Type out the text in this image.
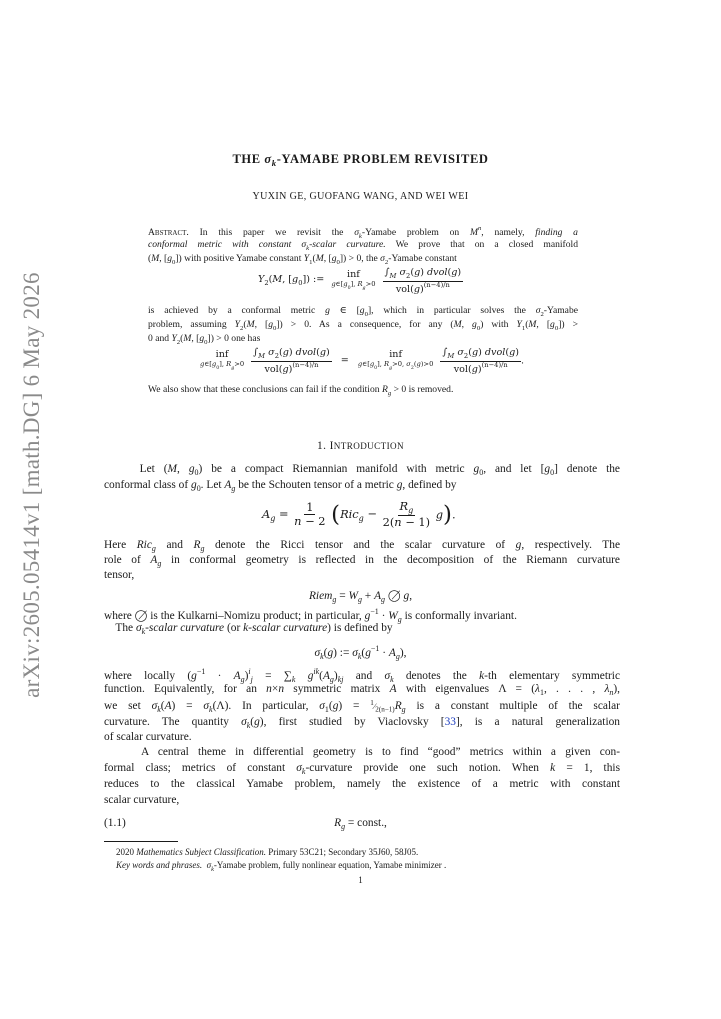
arXiv:2605.05414v1 [math.DG] 6 May 2026
THE $\sigma_k$-YAMABE PROBLEM REVISITED
YUXIN GE, GUOFANG WANG, AND WEI WEI
Abstract. In this paper we revisit the $\sigma_k$-Yamabe problem on $M^n$, namely, finding a
conformal metric with constant $\sigma_k$-scalar curvature. We prove that on a closed manifold
(M, $[g_0]$) with positive Yamabe constant $Y_1(M$, $[g_0]) > 0$, the $\sigma_2$-Yamabe constant
$Y_2(M$, $[g_0]$) := inf
$g\in[g_0]$, $R_g>0$
$\frac{\int_M \sigma_2(g) dvol(g)}{vol(g)^{(n-4)/n}}$
is achieved by a conformal metric g ∈ $[g_0]$, which in particular solves the $\sigma_2$-Yamabe
problem, assuming $Y_2(M$, $[g_0]) > 0$. As a consequence, for any (M, $g_0$) with $Y_1(M$, $[g_0]$) >
0 and $Y_2(M$, $[g_0]) > 0$ one has
inf
$g\in[g_0]$, $R_g>0$
$\frac{\int_M \sigma_2(g) dvol(g)}{vol(g)^{(n-4)/n}}$ =
inf
$g\in[g_0]$, $R_g>0$, $\sigma_2(g)>0$
$\frac{\int_M \sigma_2(g) dvol(g)}{vol(g)^{(n-4)/n}}$ .
We also show that these conclusions can fail if the condition $R_g > 0$ is removed.
1. INTRODUCTION
Let (M, $g_0$) be a compact Riemannian manifold with metric $g_0$, and let $[g_0]$ denote the
conformal class of $g_0$. Let $A_g$ be the Schouten tensor of a metric g, defined by
$A_g = \frac{1}{n - 2} (Ric_g - \frac{R_g}{2(n - 1)} g)$.
Here Ric$_g$ and $R_g$ denote the Ricci tensor and the scalar curvature of g, respectively. The
role of $A_g$ in conformal geometry is reflected in the decomposition of the Riemann curvature
tensor,
Riem$_g$ = $W_g + A_g$ ◯̸ g,
where ◯̸ is the Kulkarni–Nomizu product; in particular, $g^{-1} \cdot W_g$ is conformally invariant.
The $\sigma_k$-scalar curvature (or k-scalar curvature) is defined by
$\sigma_k(g)$ := $\sigma_k(g^{-1} \cdot A_g)$,
where locally $(g^{-1} \cdot A_g)^i_j = \sum_k$ $g^{ik}(A_g)_{kj}$ and $\sigma_k$ denotes the k-th elementary symmetric
function. Equivalently, for an n×n symmetric matrix A with eigenvalues $\Lambda = (\lambda_1$, . . . , $\lambda_n$),
we set $\sigma_k(A) = \sigma_k(\Lambda)$. In particular, $\sigma_1(g)$ = $^1⁄_{2(n-1)}R_g$ is a constant multiple of the scalar
curvature. The quantity $\sigma_k(g)$, first studied by Viaclovsky [33], is a natural generalization
of scalar curvature.
A central theme in differential geometry is to find “good” metrics within a given con-
formal class; metrics of constant $\sigma_k$-curvature provide one such notion. When k = 1, this
reduces to the classical Yamabe problem, namely the existence of a metric with constant
scalar curvature,
(1.1)	$R_g$ = const.,
2020 Mathematics Subject Classification. Primary 53C21; Secondary 35J60, 58J05.
Key words and phrases. $\sigma_k$-Yamabe problem, fully nonlinear equation, Yamabe minimizer .
1
